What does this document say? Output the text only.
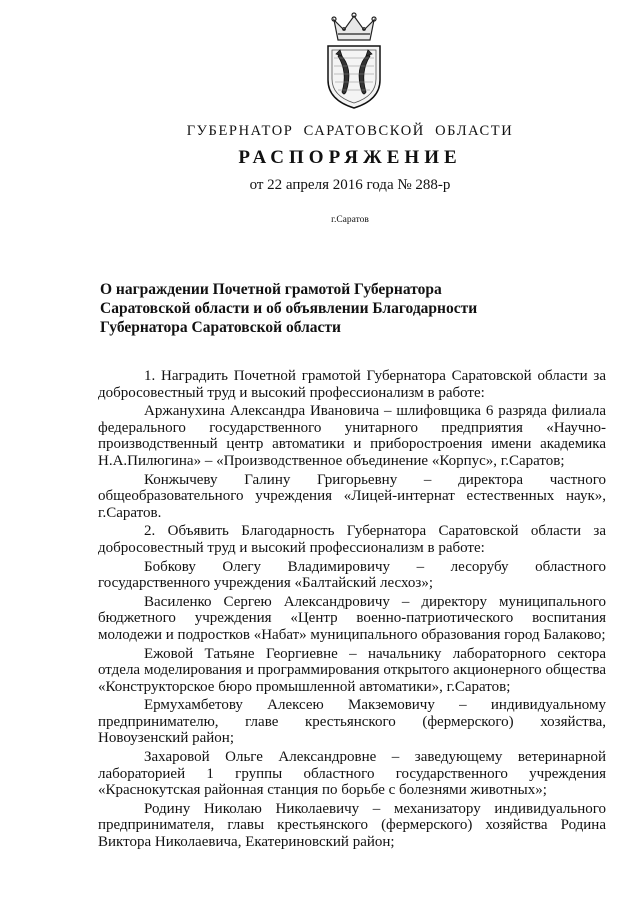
ГУБЕРНАТОР САРАТОВСКОЙ ОБЛАСТИ
РАСПОРЯЖЕНИЕ
от 22 апреля 2016 года № 288-р
г.Саратов
О награждении Почетной грамотой Губернатора
Саратовской области и об объявлении Благодарности
Губернатора Саратовской области

1. Наградить Почетной грамотой Губернатора Саратовской области за добросовестный труд и высокий профессионализм в работе:

Аржанухина Александра Ивановича – шлифовщика 6 разряда филиала федерального государственного унитарного предприятия «Научно-производственный центр автоматики и приборостроения имени академика Н.А.Пилюгина» – «Производственное объединение «Корпус», г.Саратов;

Конжычеву Галину Григорьевну – директора частного общеобразовательного учреждения «Лицей-интернат естественных наук», г.Саратов.

2. Объявить Благодарность Губернатора Саратовской области за добросовестный труд и высокий профессионализм в работе:

Бобкову Олегу Владимировичу – лесорубу областного государственного учреждения «Балтайский лесхоз»;

Василенко Сергею Александровичу – директору муниципального бюджетного учреждения «Центр военно-патриотического воспитания молодежи и подростков «Набат» муниципального образования город Балаково;

Ежовой Татьяне Георгиевне – начальнику лабораторного сектора отдела моделирования и программирования открытого акционерного общества «Конструкторское бюро промышленной автоматики», г.Саратов;

Ермухамбетову Алексею Макземовичу – индивидуальному предпринимателю, главе крестьянского (фермерского) хозяйства, Новоузенский район;

Захаровой Ольге Александровне – заведующему ветеринарной лабораторией 1 группы областного государственного учреждения «Краснокутская районная станция по борьбе с болезнями животных»;

Родину Николаю Николаевичу – механизатору индивидуального предпринимателя, главы крестьянского (фермерского) хозяйства Родина Виктора Николаевича, Екатериновский район;
